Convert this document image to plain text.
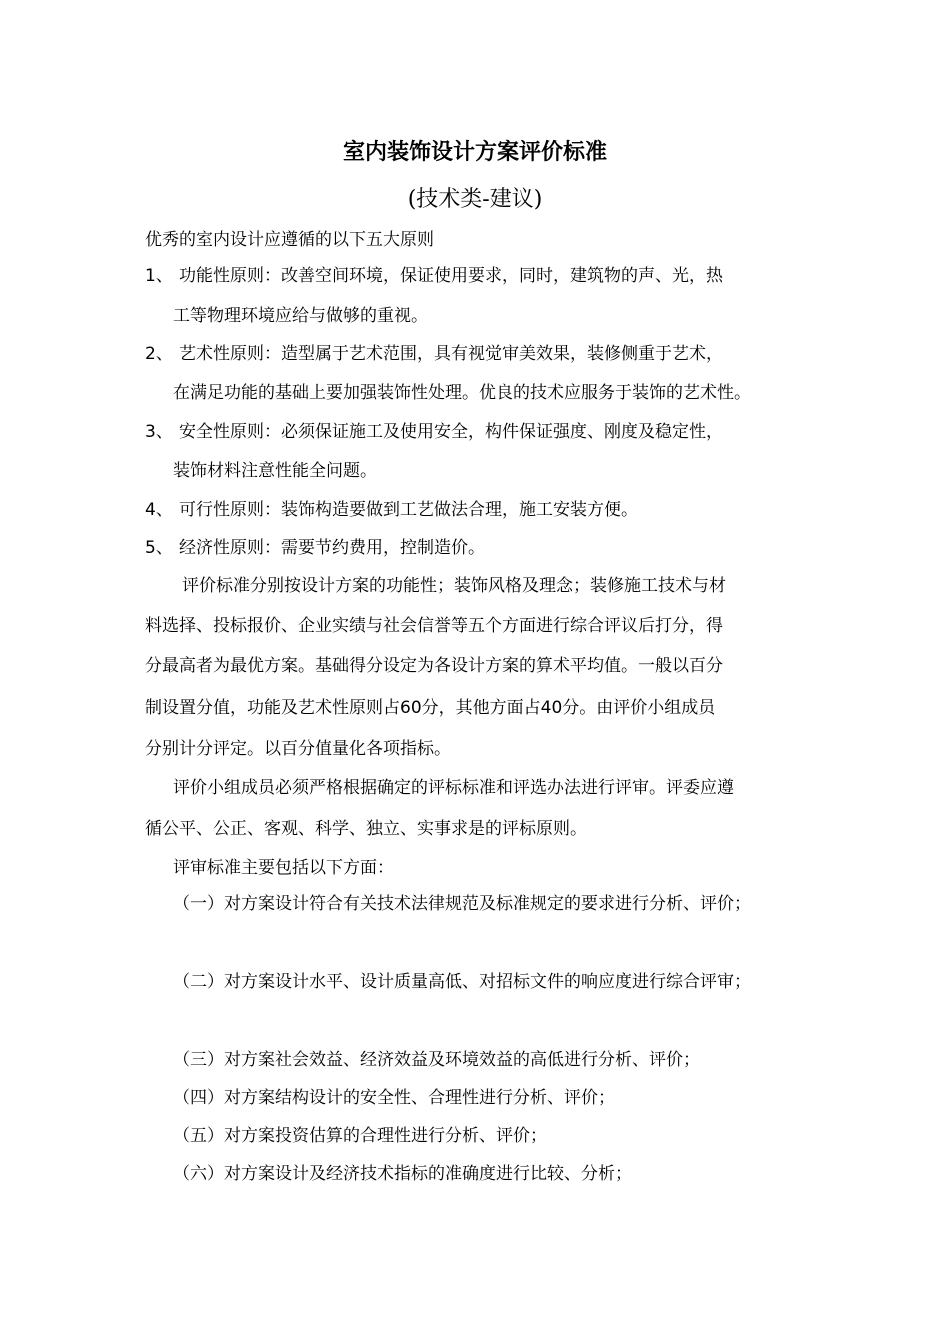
室内装饰设计方案评价标准
(技术类-建议)
优秀的室内设计应遵循的以下五大原则
1、 功能性原则：改善空间环境，保证使用要求，同时，建筑物的声、光，热
工等物理环境应给与做够的重视。
2、 艺术性原则：造型属于艺术范围，具有视觉审美效果，装修侧重于艺术，
在满足功能的基础上要加强装饰性处理。优良的技术应服务于装饰的艺术性。
3、 安全性原则：必须保证施工及使用安全，构件保证强度、刚度及稳定性，
装饰材料注意性能全问题。
4、 可行性原则：装饰构造要做到工艺做法合理，施工安装方便。
5、 经济性原则：需要节约费用，控制造价。
评价标准分别按设计方案的功能性；装饰风格及理念；装修施工技术与材
料选择、投标报价、企业实绩与社会信誉等五个方面进行综合评议后打分，得
分最高者为最优方案。基础得分设定为各设计方案的算术平均值。一般以百分
制设置分值，功能及艺术性原则占60分，其他方面占40分。由评价小组成员
分别计分评定。以百分值量化各项指标。
评价小组成员必须严格根据确定的评标标准和评选办法进行评审。评委应遵
循公平、公正、客观、科学、独立、实事求是的评标原则。
评审标准主要包括以下方面：
（一）对方案设计符合有关技术法律规范及标准规定的要求进行分析、评价；
（二）对方案设计水平、设计质量高低、对招标文件的响应度进行综合评审；
（三）对方案社会效益、经济效益及环境效益的高低进行分析、评价；
（四）对方案结构设计的安全性、合理性进行分析、评价；
（五）对方案投资估算的合理性进行分析、评价；
（六）对方案设计及经济技术指标的准确度进行比较、分析；
